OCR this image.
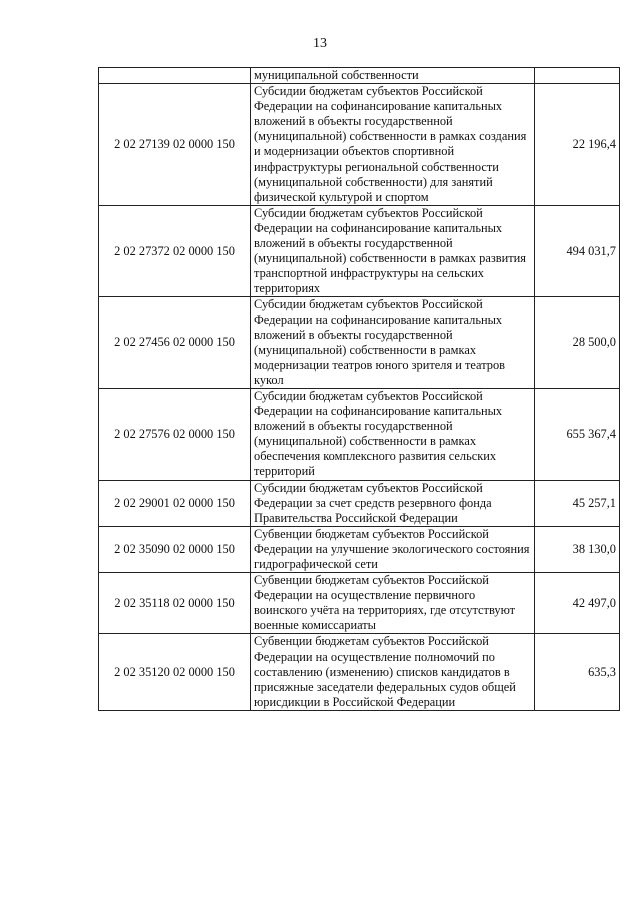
13
	муниципальной собственности	
2 02 27139 02 0000 150	Субсидии бюджетам субъектов Российской Федерации на софинансирование капитальных вложений в объекты государственной (муниципальной) собственности в рамках создания и модернизации объектов спортивной инфраструктуры региональной собственности (муниципальной собственности) для занятий физической культурой и спортом	22 196,4
2 02 27372 02 0000 150	Субсидии бюджетам субъектов Российской Федерации на софинансирование капитальных вложений в объекты государственной (муниципальной) собственности в рамках развития транспортной инфраструктуры на сельских территориях	494 031,7
2 02 27456 02 0000 150	Субсидии бюджетам субъектов Российской Федерации на софинансирование капитальных вложений в объекты государственной (муниципальной) собственности в рамках модернизации театров юного зрителя и театров кукол	28 500,0
2 02 27576 02 0000 150	Субсидии бюджетам субъектов Российской Федерации на софинансирование капитальных вложений в объекты государственной (муниципальной) собственности в рамках обеспечения комплексного развития сельских территорий	655 367,4
2 02 29001 02 0000 150	Субсидии бюджетам субъектов Российской Федерации за счет средств резервного фонда Правительства Российской Федерации	45 257,1
2 02 35090 02 0000 150	Субвенции бюджетам субъектов Российской Федерации на улучшение экологического состояния гидрографической сети	38 130,0
2 02 35118 02 0000 150	Субвенции бюджетам субъектов Российской Федерации на осуществление первичного воинского учёта на территориях, где отсутствуют военные комиссариаты	42 497,0
2 02 35120 02 0000 150	Субвенции бюджетам субъектов Российской Федерации на осуществление полномочий по составлению (изменению) списков кандидатов в присяжные заседатели федеральных судов общей юрисдикции в Российской Федерации	635,3
